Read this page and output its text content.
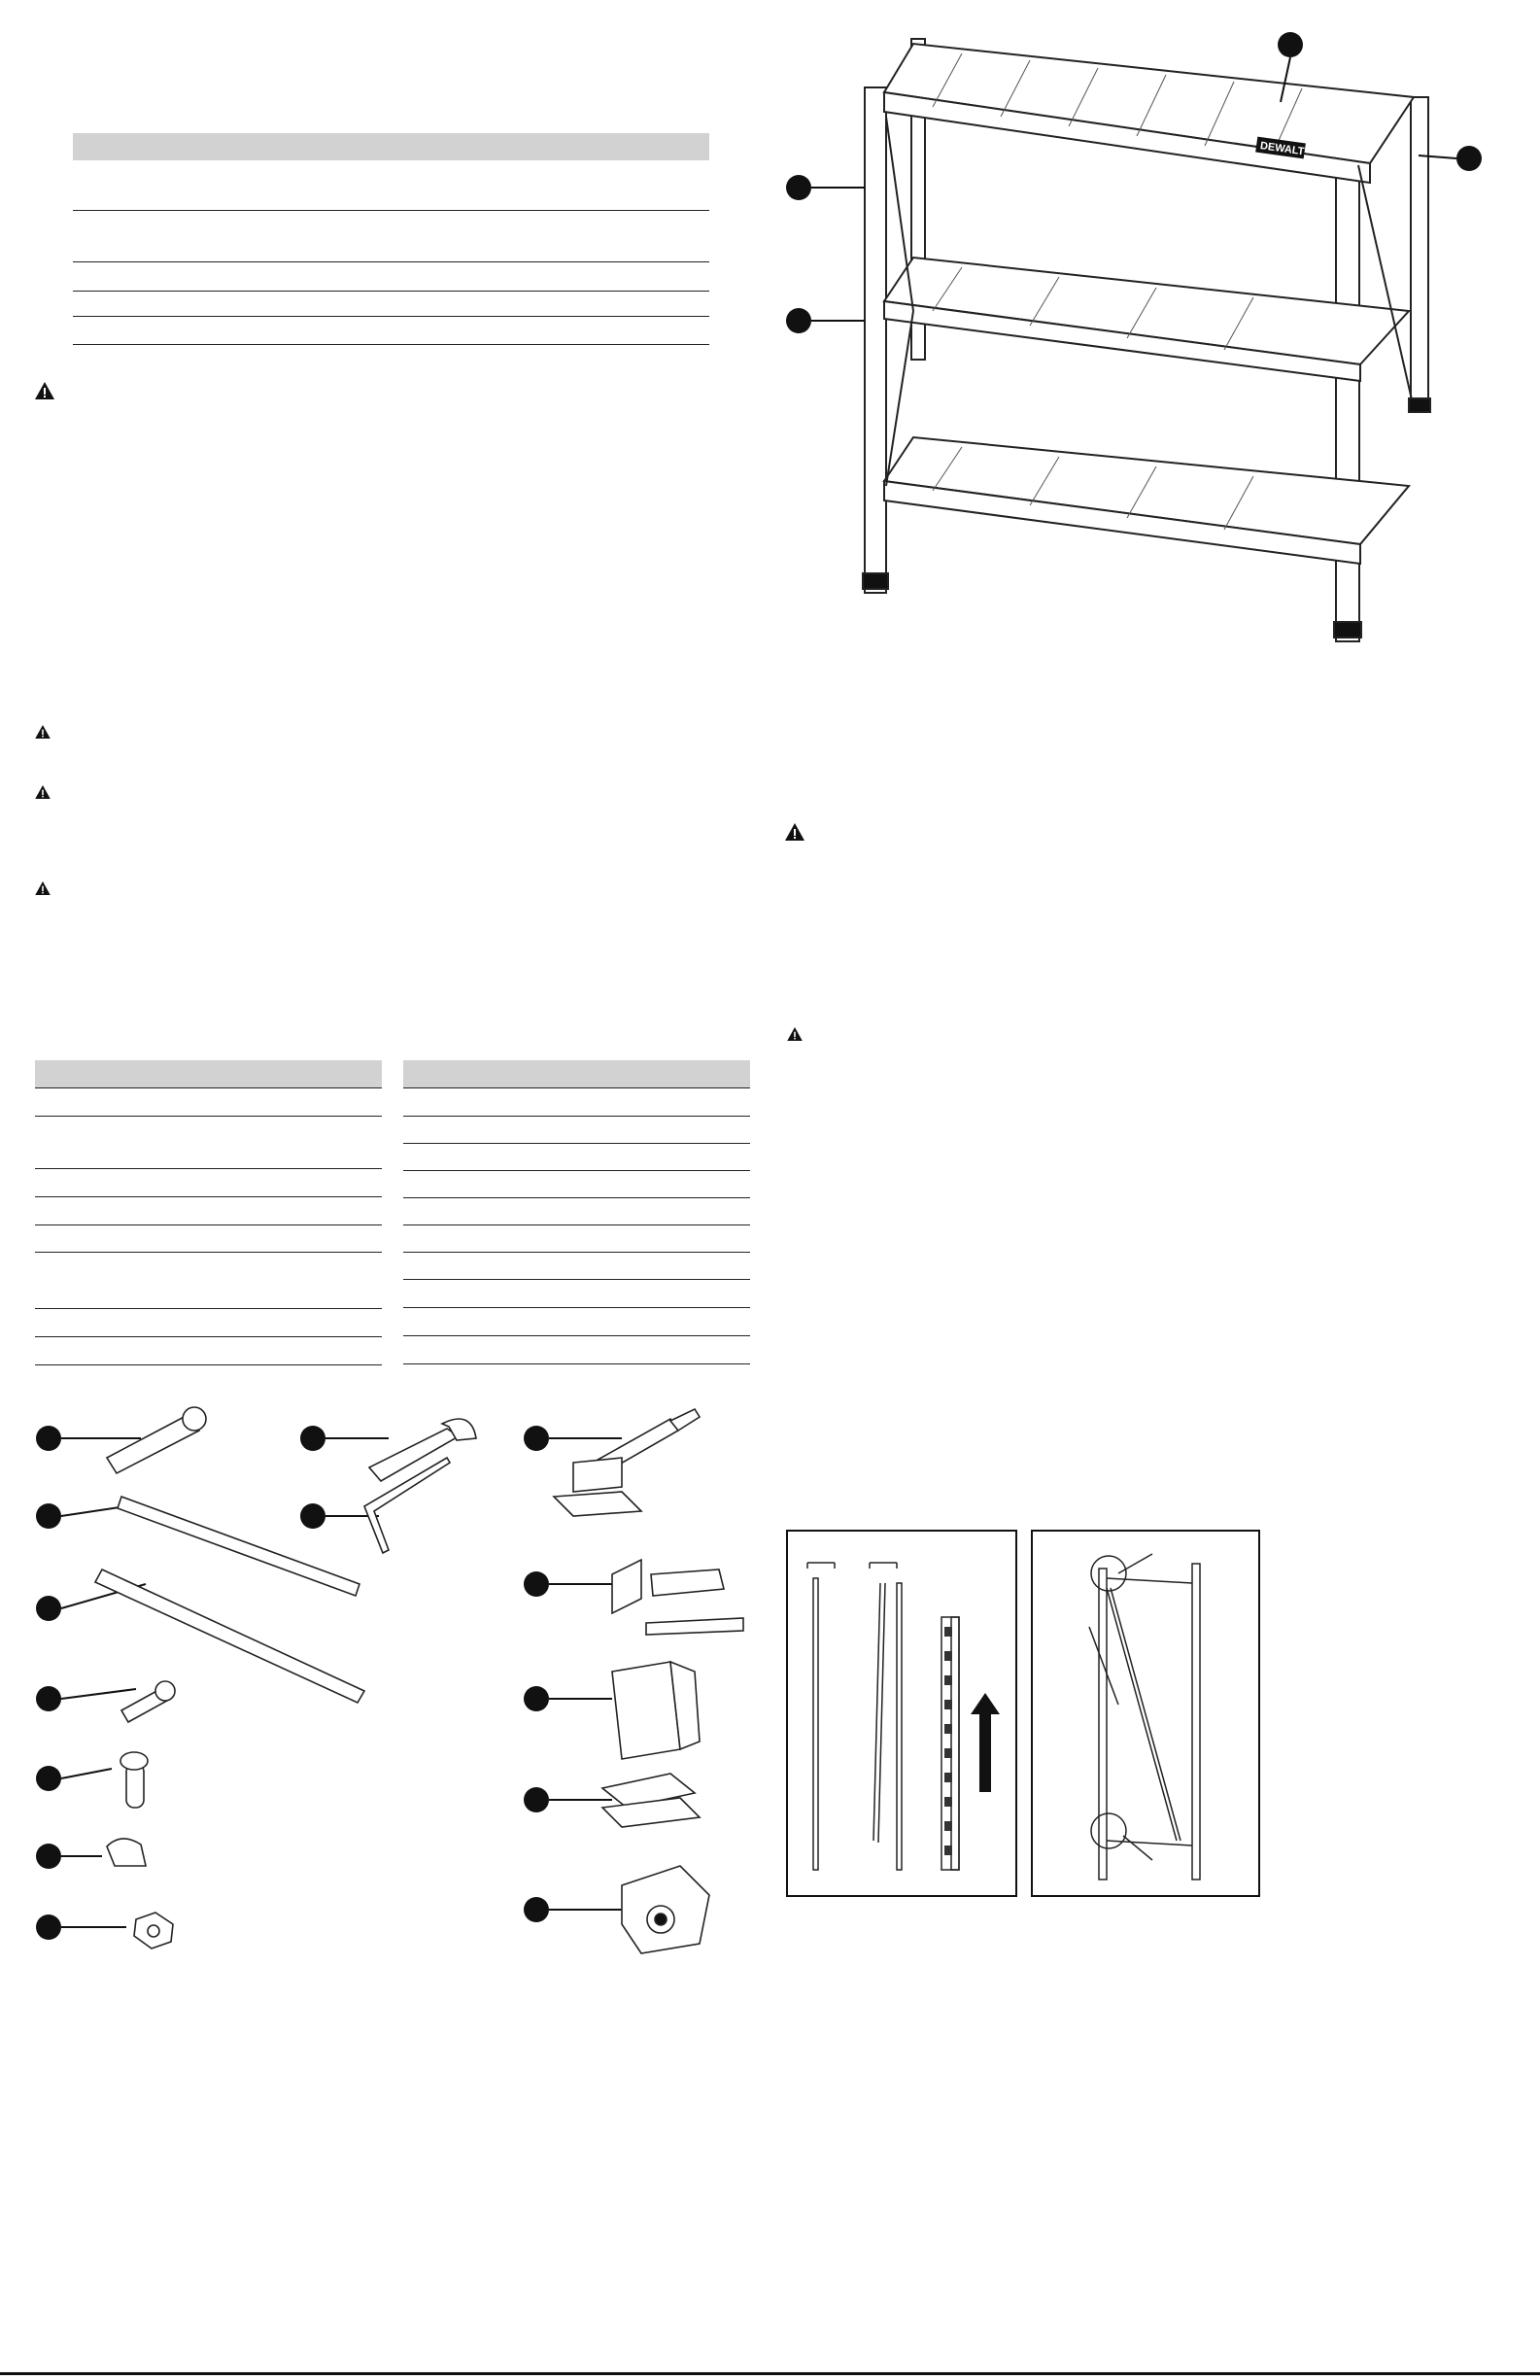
DEWALT
